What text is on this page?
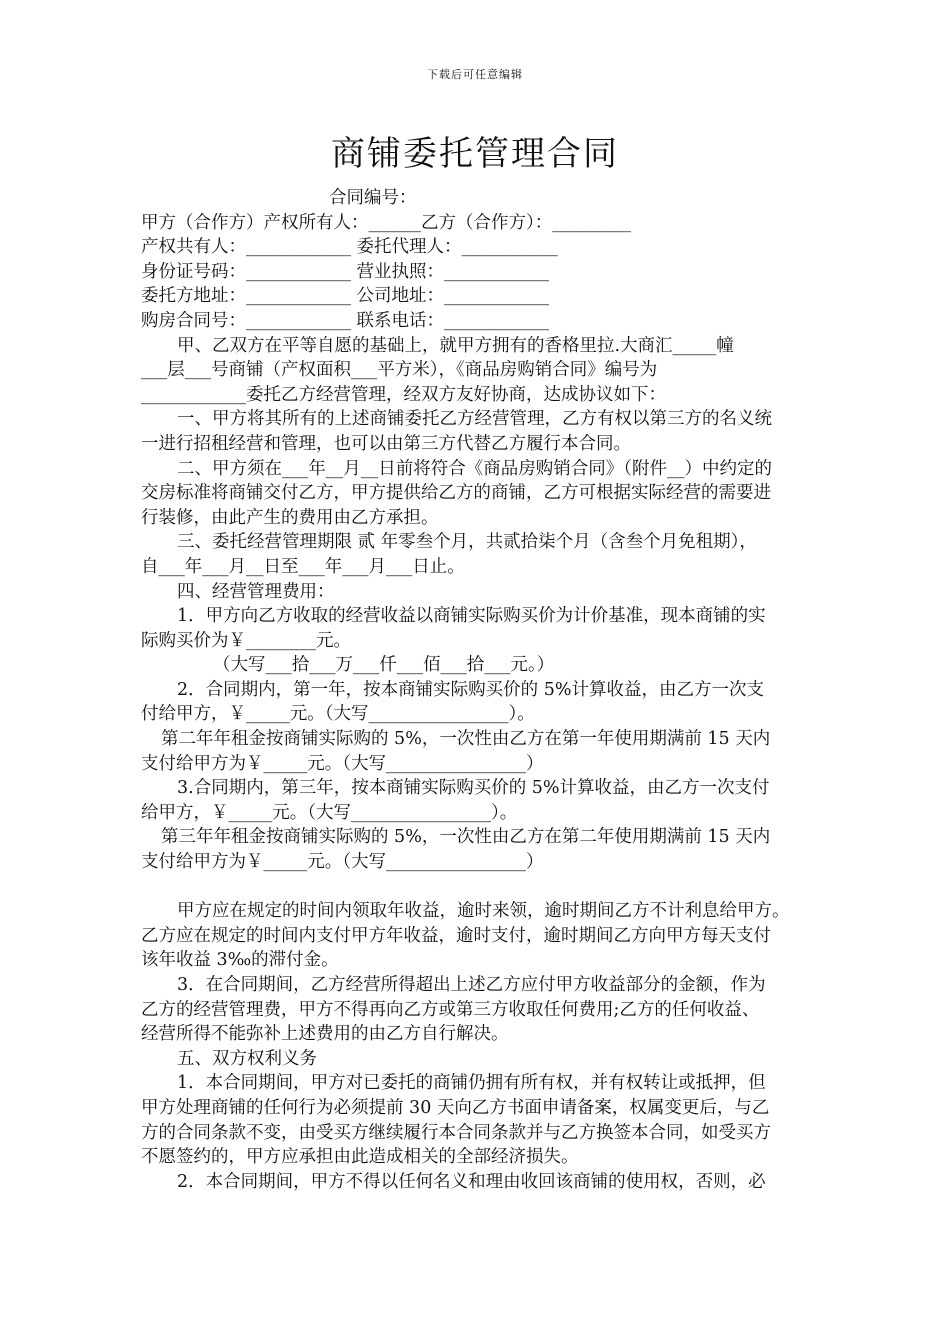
下载后可任意编辑
商铺委托管理合同

合同编号：

甲方（合作方）产权所有人：______乙方（合作方）：_________

产权共有人：____________ 委托代理人：___________

身份证号码：____________ 营业执照：____________

委托方地址：____________ 公司地址：____________

购房合同号：____________ 联系电话：____________

甲、乙双方在平等自愿的基础上，就甲方拥有的香格里拉.大商汇_____幢

___层___号商铺（产权面积___平方米），《商品房购销合同》编号为

____________委托乙方经营管理，经双方友好协商，达成协议如下：

一、甲方将其所有的上述商铺委托乙方经营管理，乙方有权以第三方的名义统

一进行招租经营和管理，也可以由第三方代替乙方履行本合同。

二、甲方须在___年__月__日前将符合《商品房购销合同》（附件__）中约定的

交房标准将商铺交付乙方，甲方提供给乙方的商铺，乙方可根据实际经营的需要进

行装修，由此产生的费用由乙方承担。

三、委托经营管理期限 贰 年零叁个月，共贰拾柒个月（含叁个月免租期），

自___年___月__日至___年___月___日止。

四、经营管理费用：

1．甲方向乙方收取的经营收益以商铺实际购买价为计价基准，现本商铺的实

际购买价为￥________元。

（大写___拾___万___仟___佰___拾___元。）

2．合同期内，第一年，按本商铺实际购买价的 5%计算收益，由乙方一次支

付给甲方，￥_____元。（大写________________）。

第二年年租金按商铺实际购的 5%，一次性由乙方在第一年使用期满前 15 天内

支付给甲方为￥_____元。（大写________________）

3.合同期内，第三年，按本商铺实际购买价的 5%计算收益，由乙方一次支付

给甲方，￥_____元。（大写________________）。

第三年年租金按商铺实际购的 5%，一次性由乙方在第二年使用期满前 15 天内

支付给甲方为￥_____元。（大写________________）

甲方应在规定的时间内领取年收益，逾时来领，逾时期间乙方不计利息给甲方。

乙方应在规定的时间内支付甲方年收益，逾时支付，逾时期间乙方向甲方每天支付

该年收益 3‰的滞付金。

3．在合同期间，乙方经营所得超出上述乙方应付甲方收益部分的金额，作为

乙方的经营管理费，甲方不得再向乙方或第三方收取任何费用;乙方的任何收益、

经营所得不能弥补上述费用的由乙方自行解决。

五、双方权利义务

1．本合同期间，甲方对已委托的商铺仍拥有所有权，并有权转让或抵押，但

甲方处理商铺的任何行为必须提前 30 天向乙方书面申请备案，权属变更后，与乙

方的合同条款不变，由受买方继续履行本合同条款并与乙方换签本合同，如受买方

不愿签约的，甲方应承担由此造成相关的全部经济损失。

2．本合同期间，甲方不得以任何名义和理由收回该商铺的使用权，否则，必
